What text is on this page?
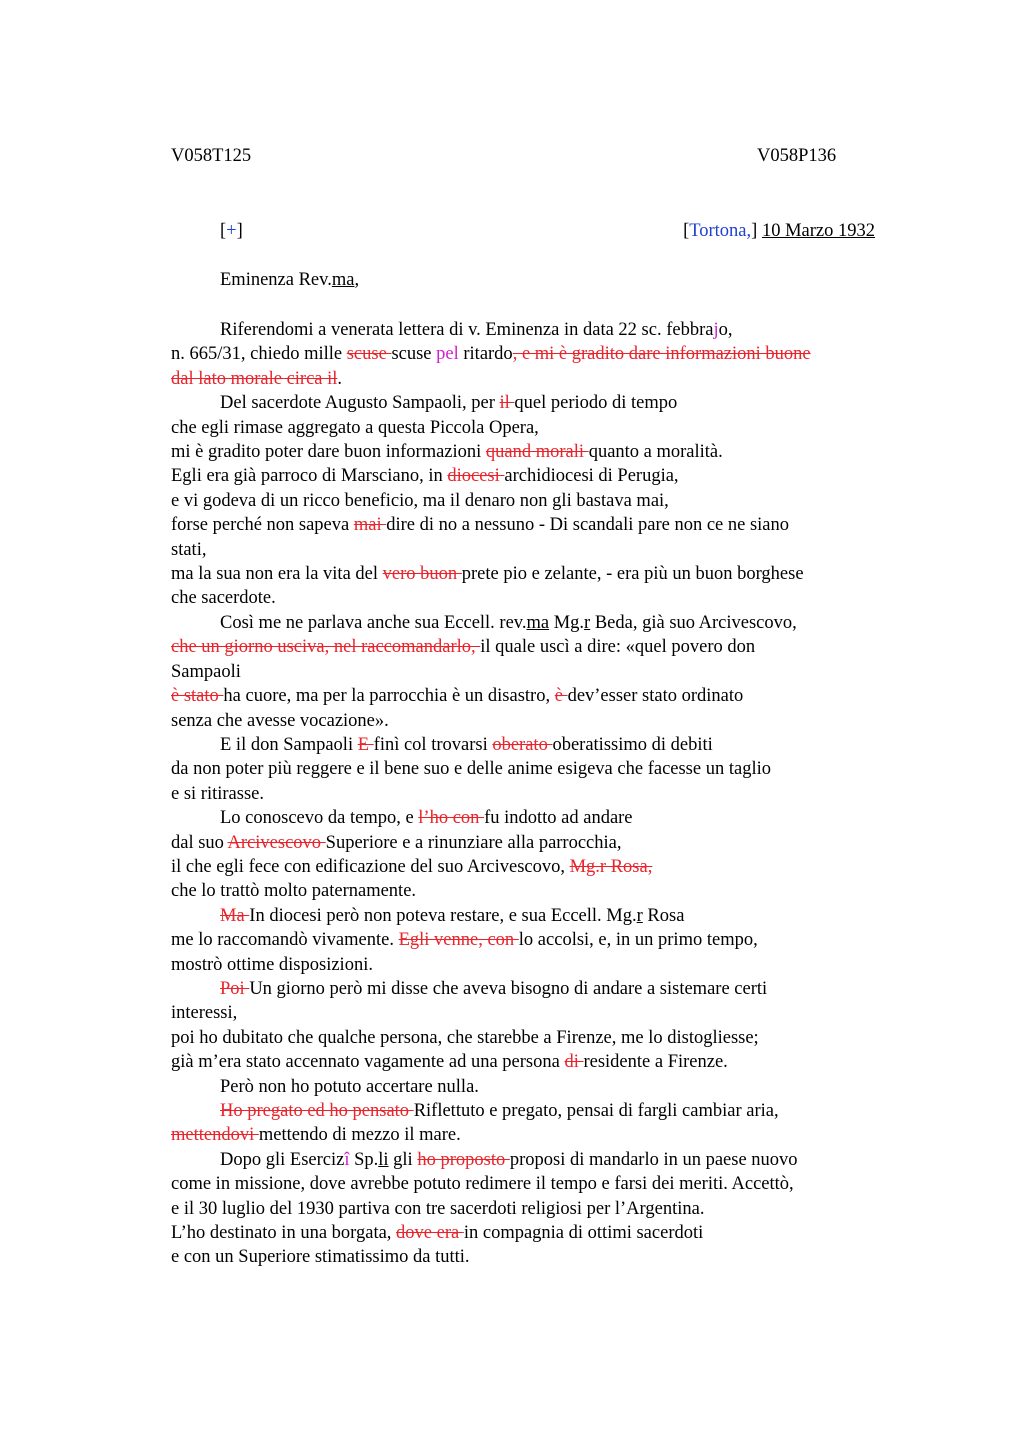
V058T125	V058P136
[+]	[Tortona,] 10 Marzo 1932
Eminenza Rev.ma,
Riferendomi a venerata lettera di v. Eminenza in data 22 sc. febbrajo,
n. 665/31, chiedo mille scuse scuse pel ritardo, e mi è gradito dare informazioni buone
dal lato morale circa il.
Del sacerdote Augusto Sampaoli, per il quel periodo di tempo
che egli rimase aggregato a questa Piccola Opera,
mi è gradito poter dare buon informazioni quand morali quanto a moralità.
Egli era già parroco di Marsciano, in diocesi archidiocesi di Perugia,
e vi godeva di un ricco beneficio, ma il denaro non gli bastava mai,
forse perché non sapeva mai dire di no a nessuno - Di scandali pare non ce ne siano
stati,
ma la sua non era la vita del vero buon prete pio e zelante, - era più un buon borghese
che sacerdote.
Così me ne parlava anche sua Eccell. rev.ma Mg.r Beda, già suo Arcivescovo,
che un giorno usciva, nel raccomandarlo, il quale uscì a dire: «quel povero don
Sampaoli
è stato ha cuore, ma per la parrocchia è un disastro, è dev’esser stato ordinato
senza che avesse vocazione».
E il don Sampaoli E finì col trovarsi oberato oberatissimo di debiti
da non poter più reggere e il bene suo e delle anime esigeva che facesse un taglio
e si ritirasse.
Lo conoscevo da tempo, e l’ho con fu indotto ad andare
dal suo Arcivescovo Superiore e a rinunziare alla parrocchia,
il che egli fece con edificazione del suo Arcivescovo, Mg.r Rosa,
che lo trattò molto paternamente.
Ma In diocesi però non poteva restare, e sua Eccell. Mg.r Rosa
me lo raccomandò vivamente. Egli venne, con lo accolsi, e, in un primo tempo,
mostrò ottime disposizioni.
Poi Un giorno però mi disse che aveva bisogno di andare a sistemare certi
interessi,
poi ho dubitato che qualche persona, che starebbe a Firenze, me lo distogliesse;
già m’era stato accennato vagamente ad una persona di residente a Firenze.
Però non ho potuto accertare nulla.
Ho pregato ed ho pensato Riflettuto e pregato, pensai di fargli cambiar aria,
mettendovi mettendo di mezzo il mare.
Dopo gli Esercizî Sp.li gli ho proposto proposi di mandarlo in un paese nuovo
come in missione, dove avrebbe potuto redimere il tempo e farsi dei meriti. Accettò,
e il 30 luglio del 1930 partiva con tre sacerdoti religiosi per l’Argentina.
L’ho destinato in una borgata, dove era in compagnia di ottimi sacerdoti
e con un Superiore stimatissimo da tutti.
